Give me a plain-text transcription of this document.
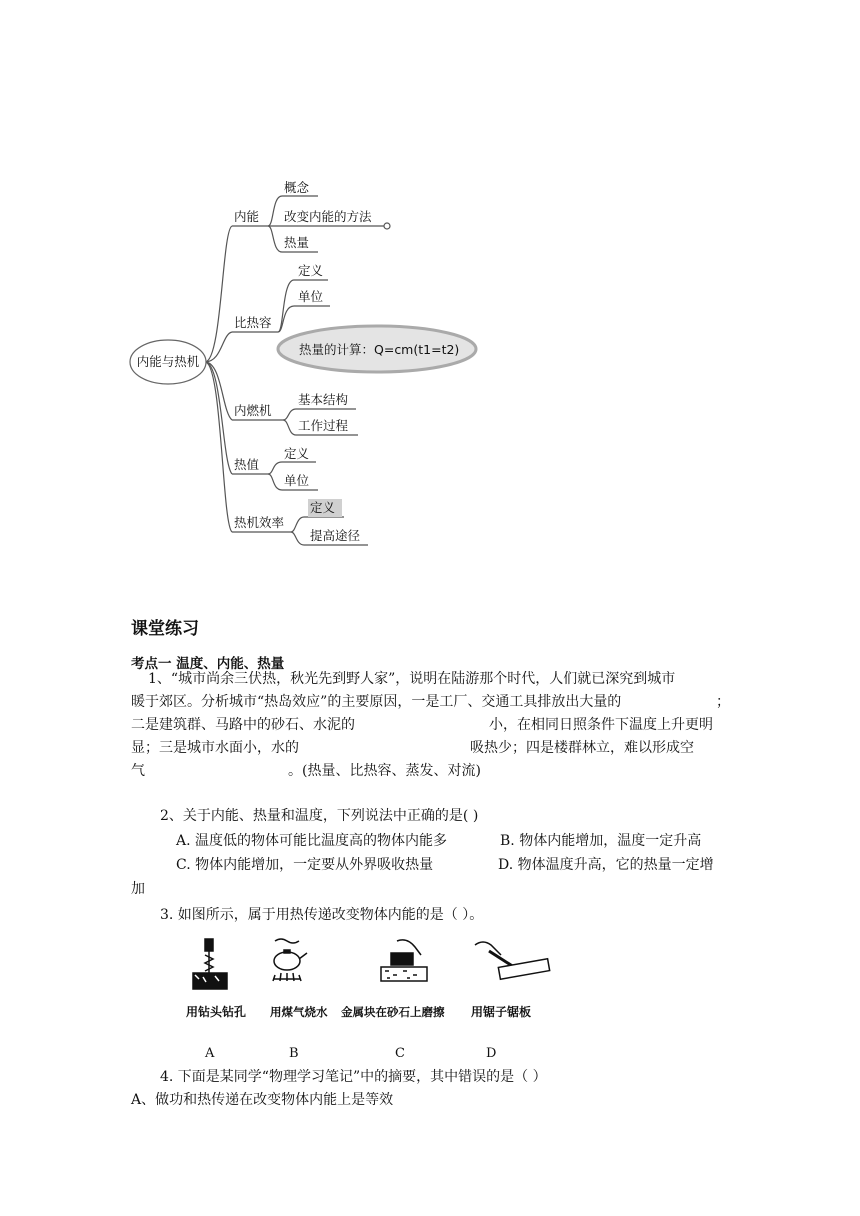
内能与热机
内能
概念
改变内能的方法
热量
比热容
定义
单位
热量的计算：Q=cm(t1=t2)
内燃机
基本结构
工作过程
热值
定义
单位
热机效率
定义
提高途径
课堂练习
考点一 温度、内能、热量
1、“城市尚余三伏热，秋光先到野人家”，说明在陆游那个时代，人们就已深究到城市
暖于郊区。分析城市“热岛效应”的主要原因，一是工厂、交通工具排放出大量的	；
二是建筑群、马路中的砂石、水泥的	小，在相同日照条件下温度上升更明
显；三是城市水面小，水的	吸热少；四是楼群林立，难以形成空
气	。(热量、比热容、蒸发、对流)
2、关于内能、热量和温度，下列说法中正确的是( )
A. 温度低的物体可能比温度高的物体内能多	B. 物体内能增加，温度一定升高
C. 物体内能增加，一定要从外界吸收热量	D. 物体温度升高，它的热量一定增
加
3. 如图所示，属于用热传递改变物体内能的是（ ）。
用钻头钻孔 用煤气烧水 金属块在砂石上磨擦 用锯子锯板
A	B	C	D
4. 下面是某同学“物理学习笔记”中的摘要，其中错误的是（ ）
A、做功和热传递在改变物体内能上是等效
